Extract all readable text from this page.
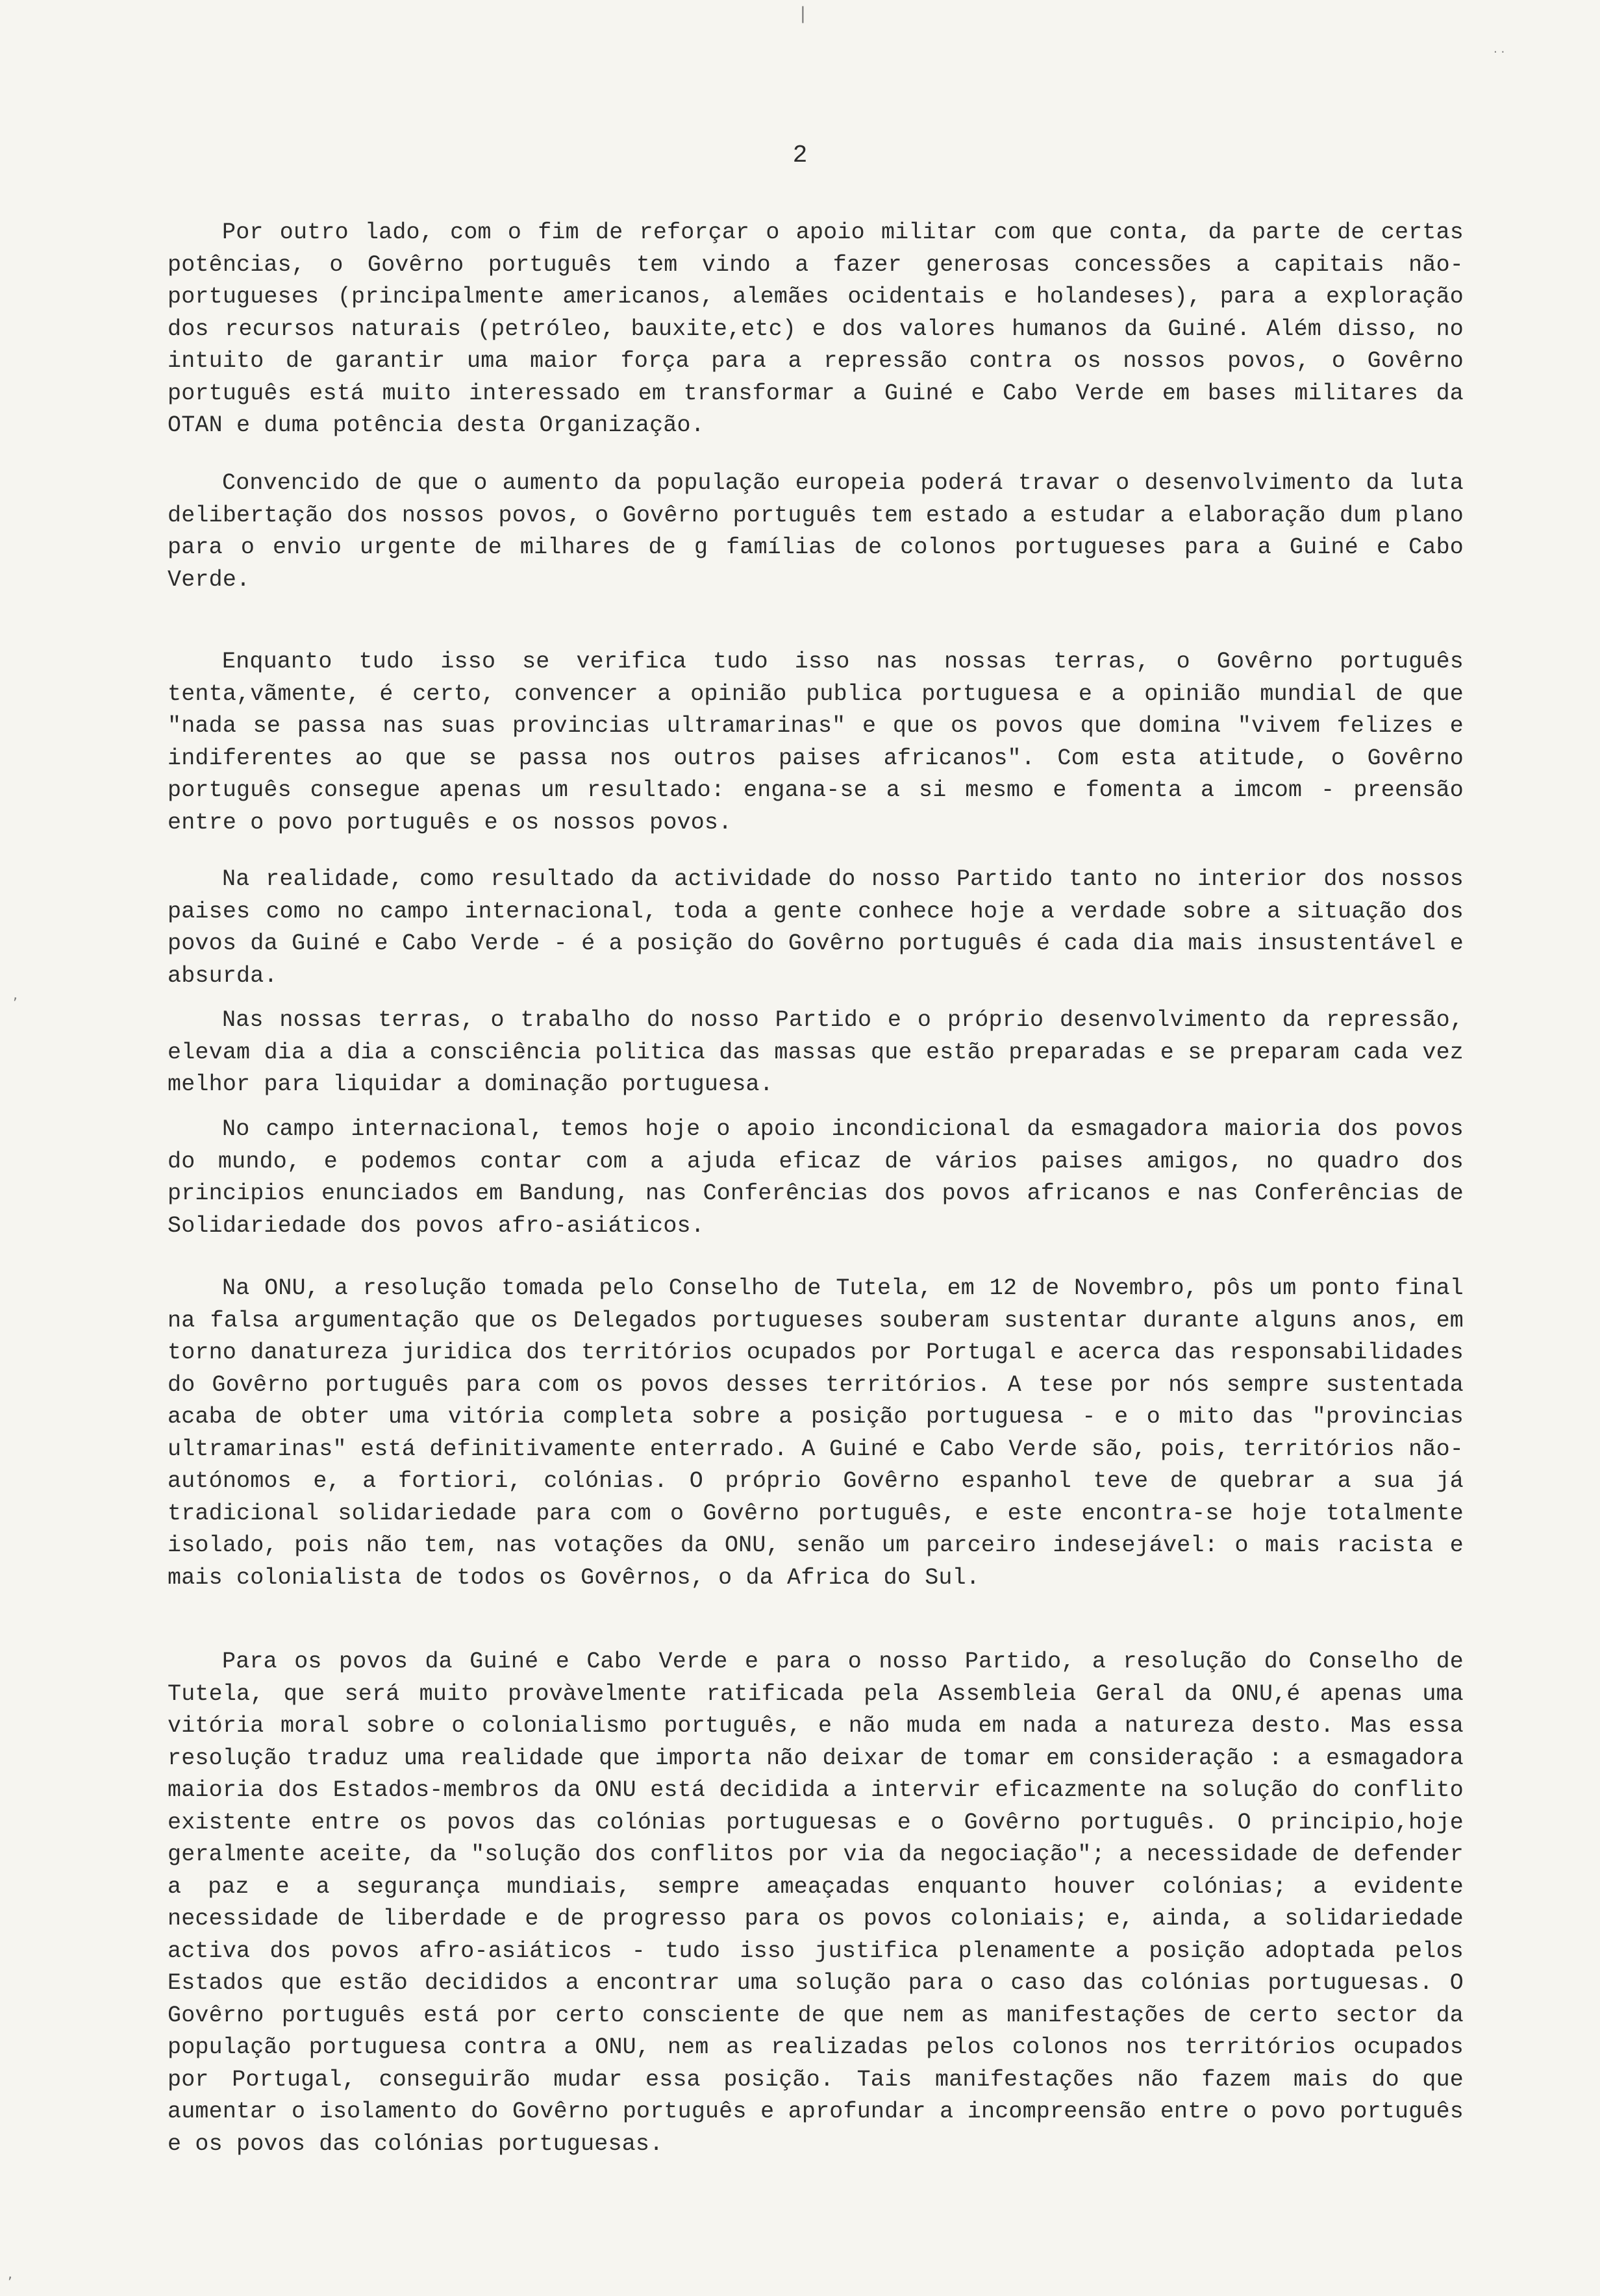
2

Por outro lado, com o fim de reforçar o apoio militar com que conta, da parte de certas potências, o Govêrno português tem vindo a fazer generosas concessões a capitais não-portugueses (principalmente americanos, alemães ocidentais e holandeses), para a exploração dos recursos naturais (petróleo, bauxite,etc) e dos valores humanos da Guiné. Além disso, no intuito de garantir uma maior força para a repressão contra os nossos povos, o Govêrno português está muito interessado em transformar a Guiné e Cabo Verde em bases militares da OTAN e duma potência desta Organização.

Convencido de que o aumento da população europeia poderá travar o desenvolvimento da luta delibertação dos nossos povos, o Govêrno português tem estado a estudar a elaboração dum plano para o envio urgente de milhares de g famílias de colonos portugueses para a Guiné e Cabo Verde.

Enquanto tudo isso se verifica tudo isso nas nossas terras, o Govêrno português tenta,vãmente, é certo, convencer a opinião publica portuguesa e a opinião mundial de que "nada se passa nas suas provincias ultramarinas" e que os povos que domina "vivem felizes e indiferentes ao que se passa nos outros paises africanos". Com esta atitude, o Govêrno português consegue apenas um resultado: engana-se a si mesmo e fomenta a imcom - preensão entre o povo português e os nossos povos.

Na realidade, como resultado da actividade do nosso Partido tanto no interior dos nossos paises como no campo internacional, toda a gente conhece hoje a verdade sobre a situação dos povos da Guiné e Cabo Verde - é a posição do Govêrno português é cada dia mais insustentável e absurda.

Nas nossas terras, o trabalho do nosso Partido e o próprio desenvolvimento da repressão, elevam dia a dia a consciência politica das massas que estão preparadas e se preparam cada vez melhor para liquidar a dominação portuguesa.

No campo internacional, temos hoje o apoio incondicional da esmagadora maioria dos povos do mundo, e podemos contar com a ajuda eficaz de vários paises amigos, no quadro dos principios enunciados em Bandung, nas Conferências dos povos africanos e nas Conferências de Solidariedade dos povos afro-asiáticos.

Na ONU, a resolução tomada pelo Conselho de Tutela, em 12 de Novembro, pôs um ponto final na falsa argumentação que os Delegados portugueses souberam sustentar durante alguns anos, em torno danatureza juridica dos territórios ocupados por Portugal e acerca das responsabilidades do Govêrno português para com os povos desses territórios. A tese por nós sempre sustentada acaba de obter uma vitória completa sobre a posição portuguesa - e o mito das "provincias ultramarinas" está definitivamente enterrado. A Guiné e Cabo Verde são, pois, territórios não-autónomos e, a fortiori, colónias. O próprio Govêrno espanhol teve de quebrar a sua já tradicional solidariedade para com o Govêrno português, e este encontra-se hoje totalmente isolado, pois não tem, nas votações da ONU, senão um parceiro indesejável: o mais racista e mais colonialista de todos os Govêrnos, o da Africa do Sul.

Para os povos da Guiné e Cabo Verde e para o nosso Partido, a resolução do Conselho de Tutela, que será muito provàvelmente ratificada pela Assembleia Geral da ONU,é apenas uma vitória moral sobre o colonialismo português, e não muda em nada a natureza desto. Mas essa resolução traduz uma realidade que importa não deixar de tomar em consideração : a esmagadora maioria dos Estados-membros da ONU está decidida a intervir eficazmente na solução do conflito existente entre os povos das colónias portuguesas e o Govêrno português. O principio,hoje geralmente aceite, da "solução dos conflitos por via da negociação"; a necessidade de defender a paz e a segurança mundiais, sempre ameaçadas enquanto houver colónias; a evidente necessidade de liberdade e de progresso para os povos coloniais; e, ainda, a solidariedade activa dos povos afro-asiáticos - tudo isso justifica plenamente a posição adoptada pelos Estados que estão decididos a encontrar uma solução para o caso das colónias portuguesas. O Govêrno português está por certo consciente de que nem as manifestações de certo sector da população portuguesa contra a ONU, nem as realizadas pelos colonos nos territórios ocupados por Portugal, conseguirão mudar essa posição. Tais manifestações não fazem mais do que aumentar o isolamento do Govêrno português e aprofundar a incompreensão entre o povo português e os povos das colónias portuguesas.

|
· ·
,
,
